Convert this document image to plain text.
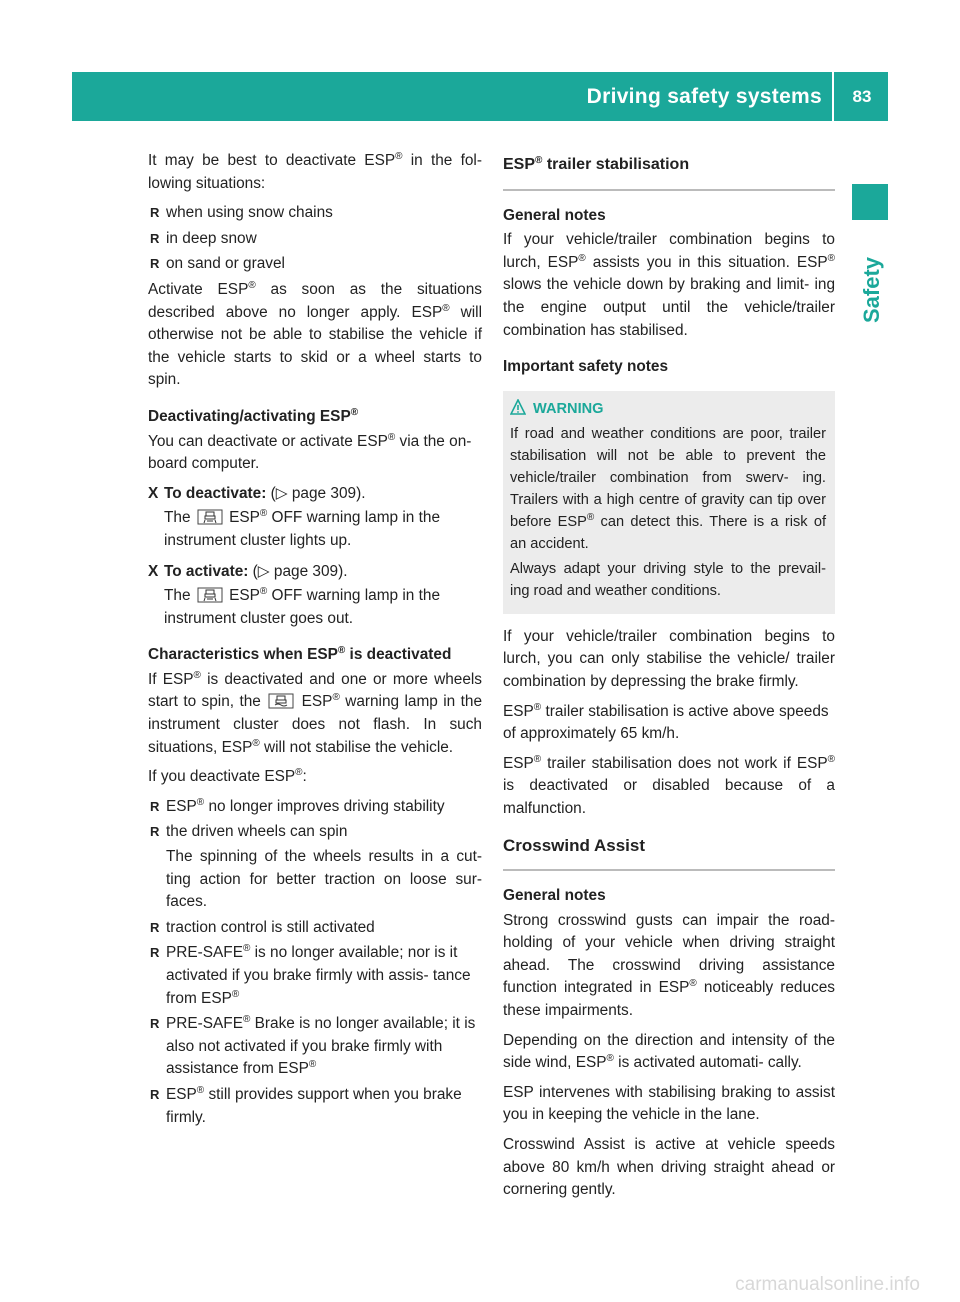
Driving safety systems	83
Safety

It may be best to deactivate ESP® in the fol- lowing situations:

R when using snow chains
R in deep snow
R on sand or gravel

Activate ESP® as soon as the situations described above no longer apply. ESP® will otherwise not be able to stabilise the vehicle if the vehicle starts to skid or a wheel starts to spin.

Deactivating/activating ESP®

You can deactivate or activate ESP® via the on-board computer.

X To deactivate: (▷ page 309).
The  ESP® OFF warning lamp in the instrument cluster lights up.
X To activate: (▷ page 309).
The  ESP® OFF warning lamp in the instrument cluster goes out.

Characteristics when ESP® is deactivated

If ESP® is deactivated and one or more wheels start to spin, the  ESP® warning lamp in the instrument cluster does not flash. In such situations, ESP® will not stabilise the vehicle.

If you deactivate ESP®:

R ESP® no longer improves driving stability
R the driven wheels can spin
The spinning of the wheels results in a cut- ting action for better traction on loose sur- faces.
R traction control is still activated
R PRE-SAFE® is no longer available; nor is it activated if you brake firmly with assis- tance from ESP®
R PRE-SAFE® Brake is no longer available; it is also not activated if you brake firmly with assistance from ESP®
R ESP® still provides support when you brake firmly.

ESP® trailer stabilisation

General notes

If your vehicle/trailer combination begins to lurch, ESP® assists you in this situation. ESP® slows the vehicle down by braking and limit- ing the engine output until the vehicle/trailer combination has stabilised.

Important safety notes

WARNING

If road and weather conditions are poor, trailer stabilisation will not be able to prevent the vehicle/trailer combination from swerv- ing. Trailers with a high centre of gravity can tip over before ESP® can detect this. There is a risk of an accident.

Always adapt your driving style to the prevail- ing road and weather conditions.

If your vehicle/trailer combination begins to lurch, you can only stabilise the vehicle/ trailer combination by depressing the brake firmly.

ESP® trailer stabilisation is active above speeds of approximately 65 km/h.

ESP® trailer stabilisation does not work if ESP® is deactivated or disabled because of a malfunction.

Crosswind Assist

General notes

Strong crosswind gusts can impair the road- holding of your vehicle when driving straight ahead. The crosswind driving assistance function integrated in ESP® noticeably reduces these impairments.

Depending on the direction and intensity of the side wind, ESP® is activated automati- cally.

ESP intervenes with stabilising braking to assist you in keeping the vehicle in the lane.

Crosswind Assist is active at vehicle speeds above 80 km/h when driving straight ahead or cornering gently.

carmanualsonline.info
